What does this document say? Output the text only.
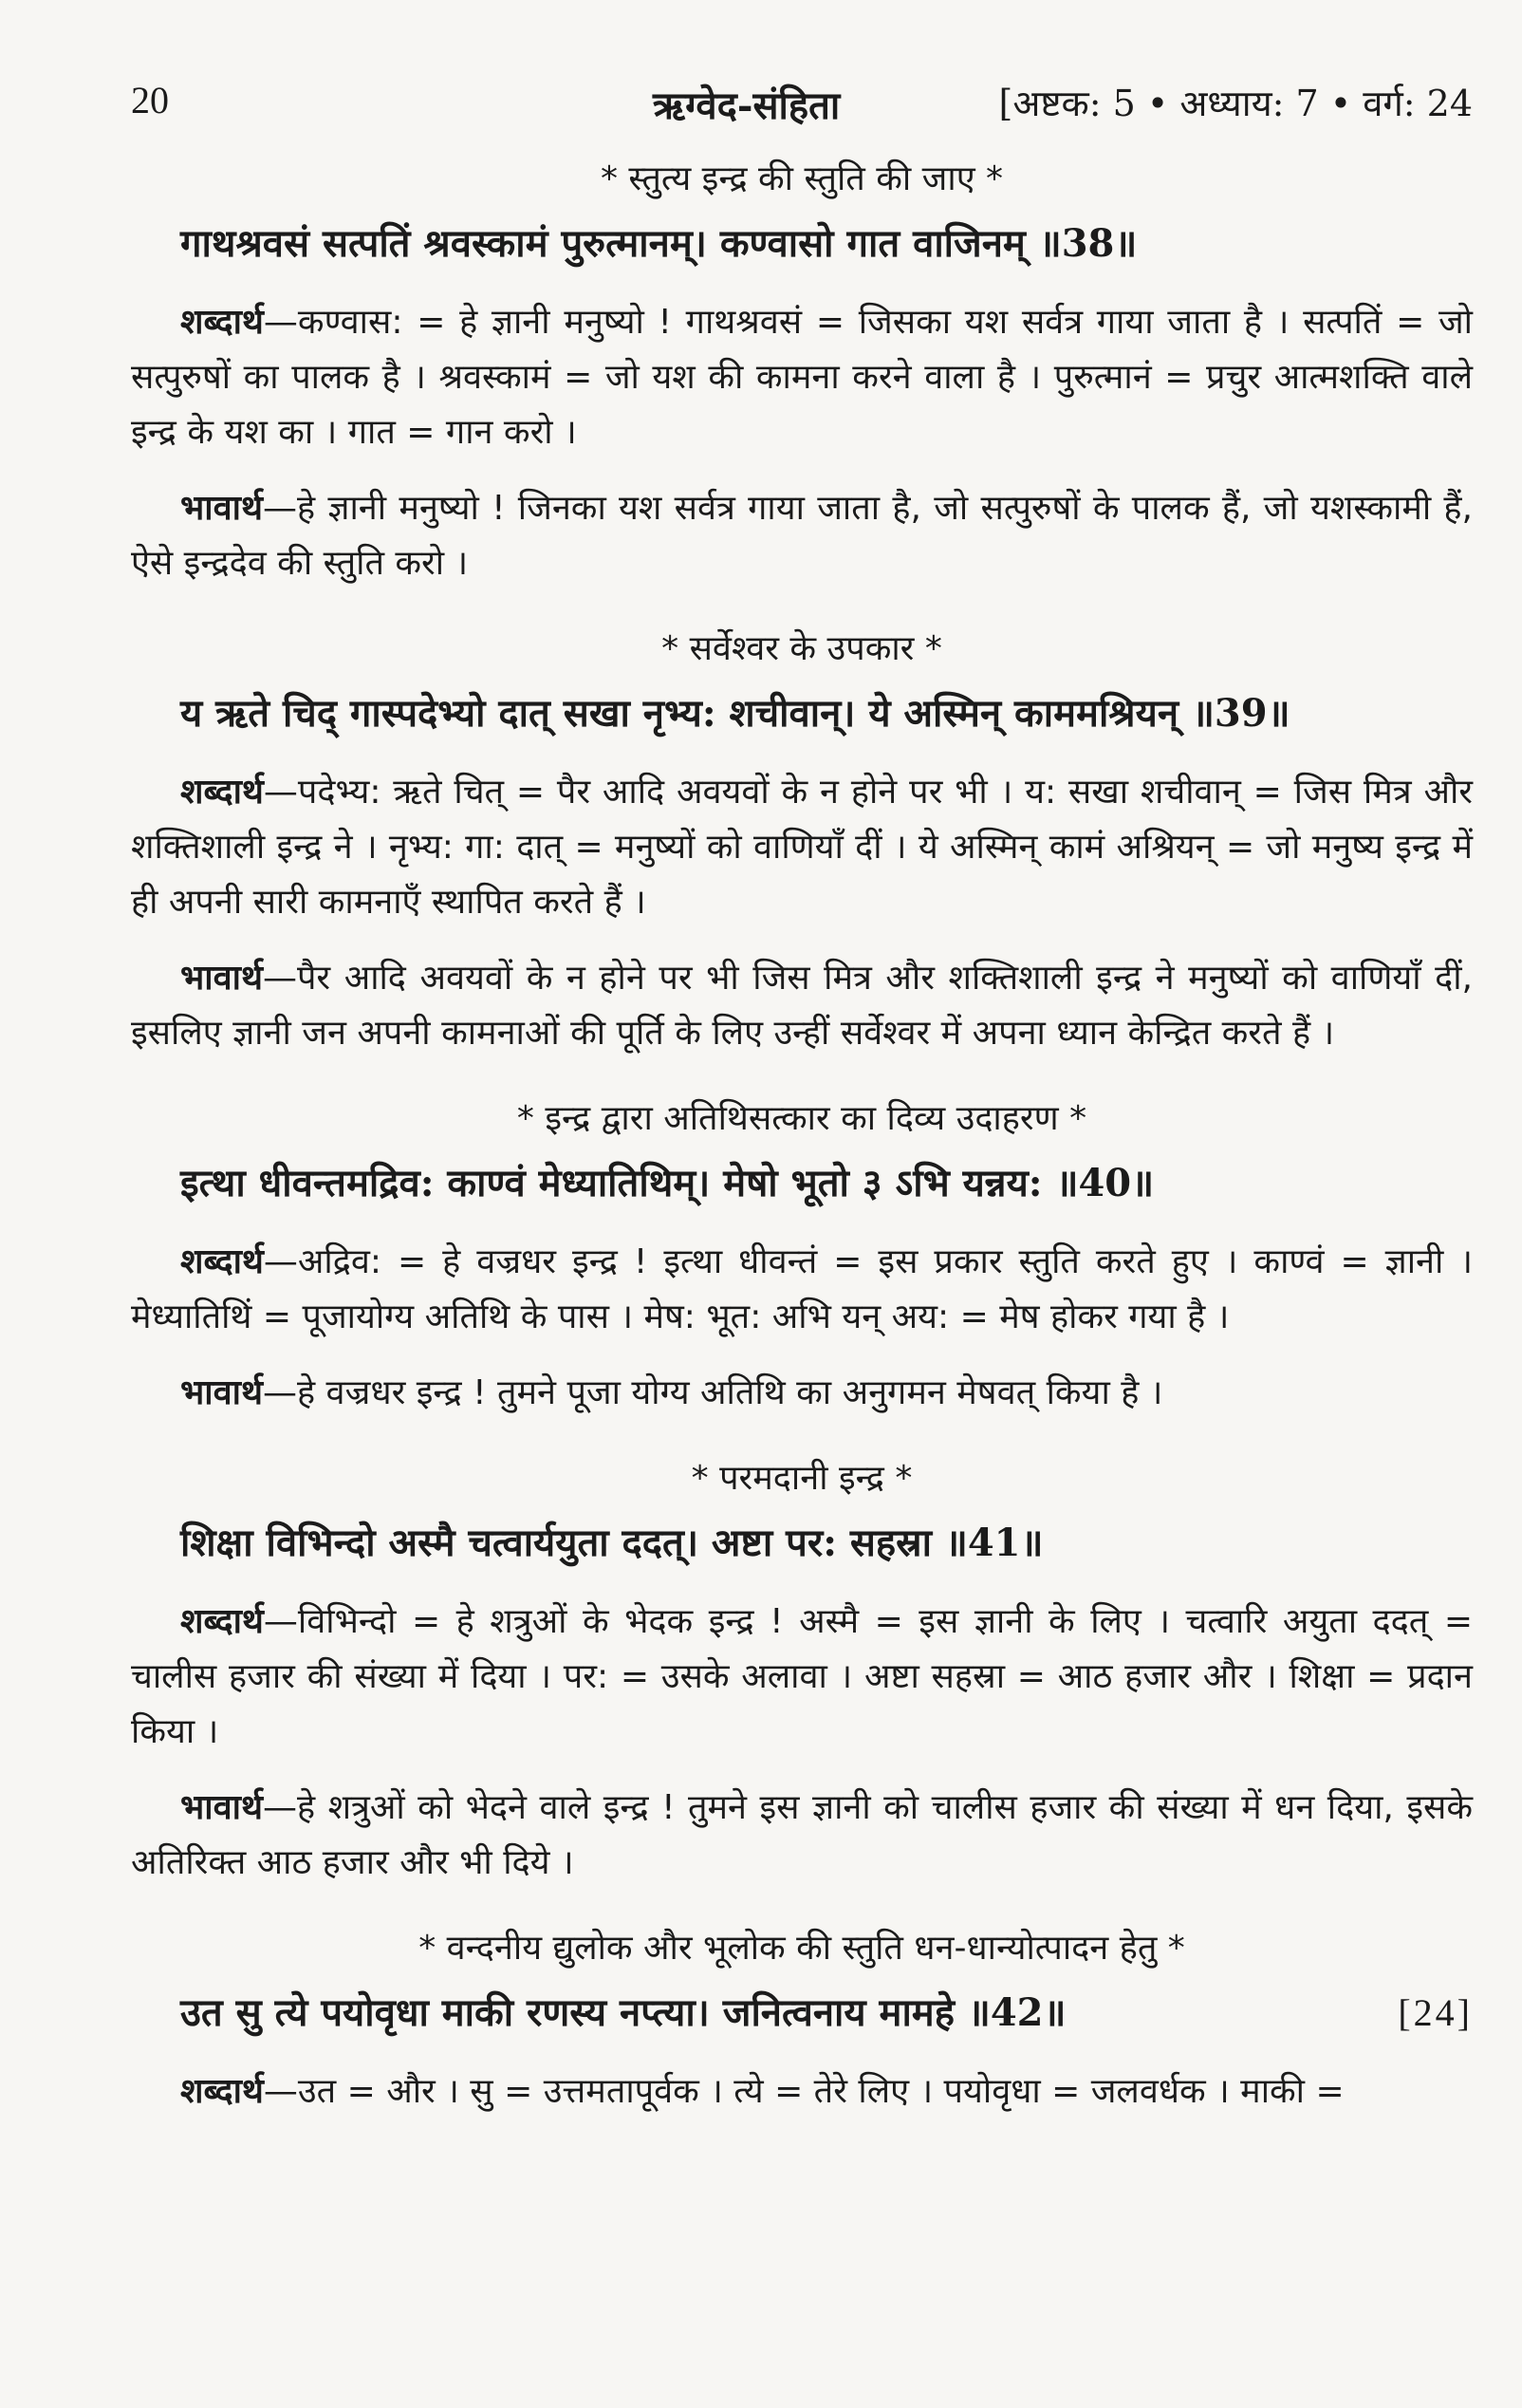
20	ऋग्वेद-संहिता	[अष्टक: 5 • अध्याय: 7 • वर्ग: 24
* स्तुत्य इन्द्र की स्तुति की जाए *
गाथश्रवसं सत्पतिं श्रवस्कामं पुरुत्मानम्। कण्वासो गात वाजिनम् ॥38॥

शब्दार्थ—कण्वास: = हे ज्ञानी मनुष्यो ! गाथश्रवसं = जिसका यश सर्वत्र गाया जाता है । सत्पतिं = जो सत्पुरुषों का पालक है । श्रवस्कामं = जो यश की कामना करने वाला है । पुरुत्मानं = प्रचुर आत्मशक्ति वाले इन्द्र के यश का । गात = गान करो ।

भावार्थ—हे ज्ञानी मनुष्यो ! जिनका यश सर्वत्र गाया जाता है, जो सत्पुरुषों के पालक हैं, जो यशस्कामी हैं, ऐसे इन्द्रदेव की स्तुति करो ।

* सर्वेश्वर के उपकार *
य ऋते चिद् गास्पदेभ्यो दात् सखा नृभ्य: शचीवान्। ये अस्मिन् काममश्रियन् ॥39॥

शब्दार्थ—पदेभ्य: ऋते चित् = पैर आदि अवयवों के न होने पर भी । य: सखा शचीवान् = जिस मित्र और शक्तिशाली इन्द्र ने । नृभ्य: गा: दात् = मनुष्यों को वाणियाँ दीं । ये अस्मिन् कामं अश्रियन् = जो मनुष्य इन्द्र में ही अपनी सारी कामनाएँ स्थापित करते हैं ।

भावार्थ—पैर आदि अवयवों के न होने पर भी जिस मित्र और शक्तिशाली इन्द्र ने मनुष्यों को वाणियाँ दीं, इसलिए ज्ञानी जन अपनी कामनाओं की पूर्ति के लिए उन्हीं सर्वेश्वर में अपना ध्यान केन्द्रित करते हैं ।

* इन्द्र द्वारा अतिथिसत्कार का दिव्य उदाहरण *
इत्था धीवन्तमद्रिव: काण्वं मेध्यातिथिम्। मेषो भूतो ३ ऽभि यन्नय: ॥40॥

शब्दार्थ—अद्रिव: = हे वज्रधर इन्द्र ! इत्था धीवन्तं = इस प्रकार स्तुति करते हुए । काण्वं = ज्ञानी । मेध्यातिथिं = पूजायोग्य अतिथि के पास । मेष: भूत: अभि यन् अय: = मेष होकर गया है ।

भावार्थ—हे वज्रधर इन्द्र ! तुमने पूजा योग्य अतिथि का अनुगमन मेषवत् किया है ।

* परमदानी इन्द्र *
शिक्षा विभिन्दो अस्मै चत्वार्ययुता ददत्। अष्टा पर: सहस्रा ॥41॥

शब्दार्थ—विभिन्दो = हे शत्रुओं के भेदक इन्द्र ! अस्मै = इस ज्ञानी के लिए । चत्वारि अयुता ददत् = चालीस हजार की संख्या में दिया । पर: = उसके अलावा । अष्टा सहस्रा = आठ हजार और । शिक्षा = प्रदान किया ।

भावार्थ—हे शत्रुओं को भेदने वाले इन्द्र ! तुमने इस ज्ञानी को चालीस हजार की संख्या में धन दिया, इसके अतिरिक्त आठ हजार और भी दिये ।

* वन्दनीय द्युलोक और भूलोक की स्तुति धन-धान्योत्पादन हेतु *
उत सु त्ये पयोवृधा माकी रणस्य नप्त्या। जनित्वनाय मामहे ॥42॥	[24]

शब्दार्थ—उत = और । सु = उत्तमतापूर्वक । त्ये = तेरे लिए । पयोवृधा = जलवर्धक । माकी =
